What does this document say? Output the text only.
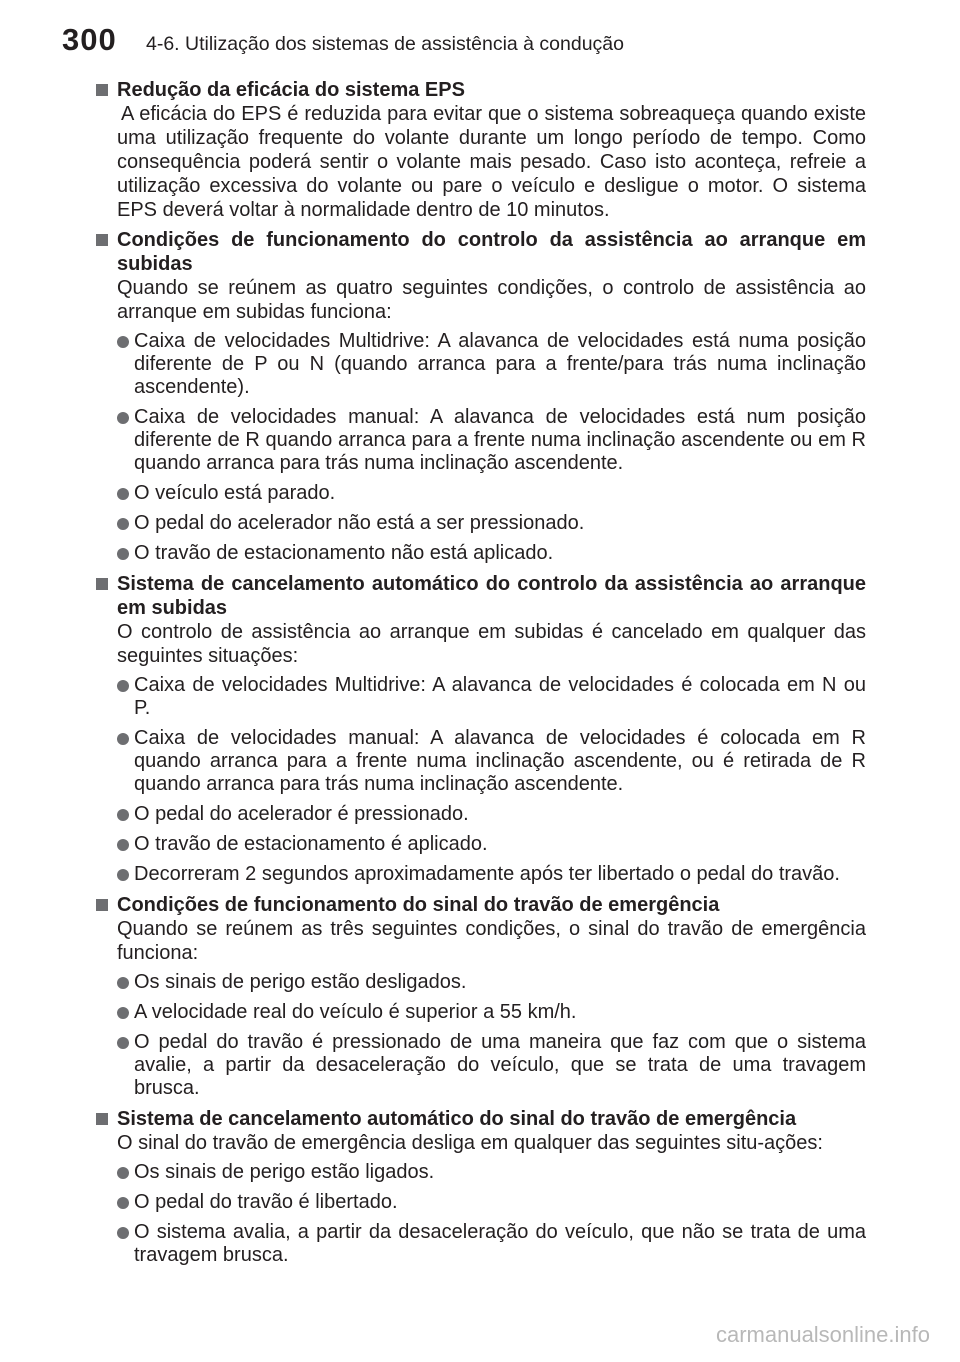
300	4-6. Utilização dos sistemas de assistência à condução
Redução da eficácia do sistema EPS

A eficácia do EPS é reduzida para evitar que o sistema sobreaqueça quando existe uma utilização frequente do volante durante um longo período de tempo. Como consequência poderá sentir o volante mais pesado. Caso isto aconteça, refreie a utilização excessiva do volante ou pare o veículo e desligue o motor. O sistema EPS deverá voltar à normalidade dentro de 10 minutos.

Condições de funcionamento do controlo da assistência ao arranque em subidas

Quando se reúnem as quatro seguintes condições, o controlo de assistência ao arranque em subidas funciona:

Caixa de velocidades Multidrive: A alavanca de velocidades está numa posição diferente de P ou N (quando arranca para a frente/para trás numa inclinação ascendente).
Caixa de velocidades manual: A alavanca de velocidades está num posição diferente de R quando arranca para a frente numa inclinação ascendente ou em R quando arranca para trás numa inclinação ascendente.
O veículo está parado.
O pedal do acelerador não está a ser pressionado.
O travão de estacionamento não está aplicado.
Sistema de cancelamento automático do controlo da assistência ao arranque em subidas

O controlo de assistência ao arranque em subidas é cancelado em qualquer das seguintes situações:

Caixa de velocidades Multidrive: A alavanca de velocidades é colocada em N ou P.
Caixa de velocidades manual: A alavanca de velocidades é colocada em R quando arranca para a frente numa inclinação ascendente, ou é retirada de R quando arranca para trás numa inclinação ascendente.
O pedal do acelerador é pressionado.
O travão de estacionamento é aplicado.
Decorreram 2 segundos aproximadamente após ter libertado o pedal do travão.
Condições de funcionamento do sinal do travão de emergência

Quando se reúnem as três seguintes condições, o sinal do travão de emergência funciona:

Os sinais de perigo estão desligados.
A velocidade real do veículo é superior a 55 km/h.
O pedal do travão é pressionado de uma maneira que faz com que o sistema avalie, a partir da desaceleração do veículo, que se trata de uma travagem brusca.
Sistema de cancelamento automático do sinal do travão de emergência

O sinal do travão de emergência desliga em qualquer das seguintes situ-ações:

Os sinais de perigo estão ligados.
O pedal do travão é libertado.
O sistema avalia, a partir da desaceleração do veículo, que não se trata de uma travagem brusca.
carmanualsonline.info
